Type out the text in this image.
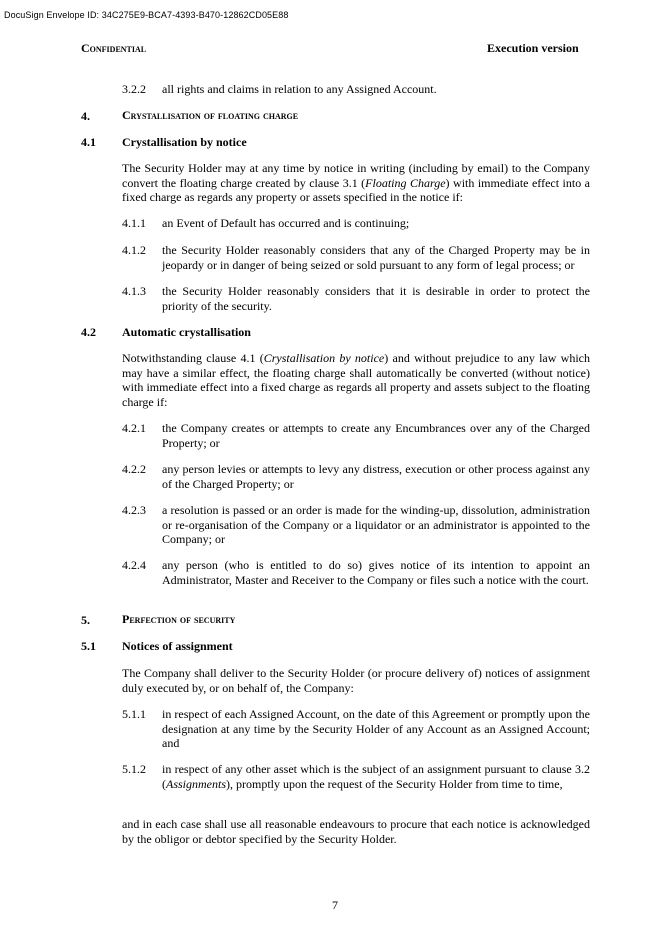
DocuSign Envelope ID: 34C275E9-BCA7-4393-B470-12862CD05E88
Confidential	Execution version
3.2.2 all rights and claims in relation to any Assigned Account.
4.	Crystallisation of floating charge
4.1 Crystallisation by notice
The Security Holder may at any time by notice in writing (including by email) to the Company convert the floating charge created by clause 3.1 (Floating Charge) with immediate effect into a fixed charge as regards any property or assets specified in the notice if:
4.1.1 an Event of Default has occurred and is continuing;
4.1.2 the Security Holder reasonably considers that any of the Charged Property may be in jeopardy or in danger of being seized or sold pursuant to any form of legal process; or
4.1.3 the Security Holder reasonably considers that it is desirable in order to protect the priority of the security.
4.2 Automatic crystallisation
Notwithstanding clause 4.1 (Crystallisation by notice) and without prejudice to any law which may have a similar effect, the floating charge shall automatically be converted (without notice) with immediate effect into a fixed charge as regards all property and assets subject to the floating charge if:
4.2.1 the Company creates or attempts to create any Encumbrances over any of the Charged Property; or
4.2.2 any person levies or attempts to levy any distress, execution or other process against any of the Charged Property; or
4.2.3 a resolution is passed or an order is made for the winding-up, dissolution, administration or re-organisation of the Company or a liquidator or an administrator is appointed to the Company; or
4.2.4 any person (who is entitled to do so) gives notice of its intention to appoint an Administrator, Master and Receiver to the Company or files such a notice with the court.
5.	Perfection of security
5.1 Notices of assignment
The Company shall deliver to the Security Holder (or procure delivery of) notices of assignment duly executed by, or on behalf of, the Company:
5.1.1 in respect of each Assigned Account, on the date of this Agreement or promptly upon the designation at any time by the Security Holder of any Account as an Assigned Account; and
5.1.2 in respect of any other asset which is the subject of an assignment pursuant to clause 3.2 (Assignments), promptly upon the request of the Security Holder from time to time,
and in each case shall use all reasonable endeavours to procure that each notice is acknowledged by the obligor or debtor specified by the Security Holder.
7
